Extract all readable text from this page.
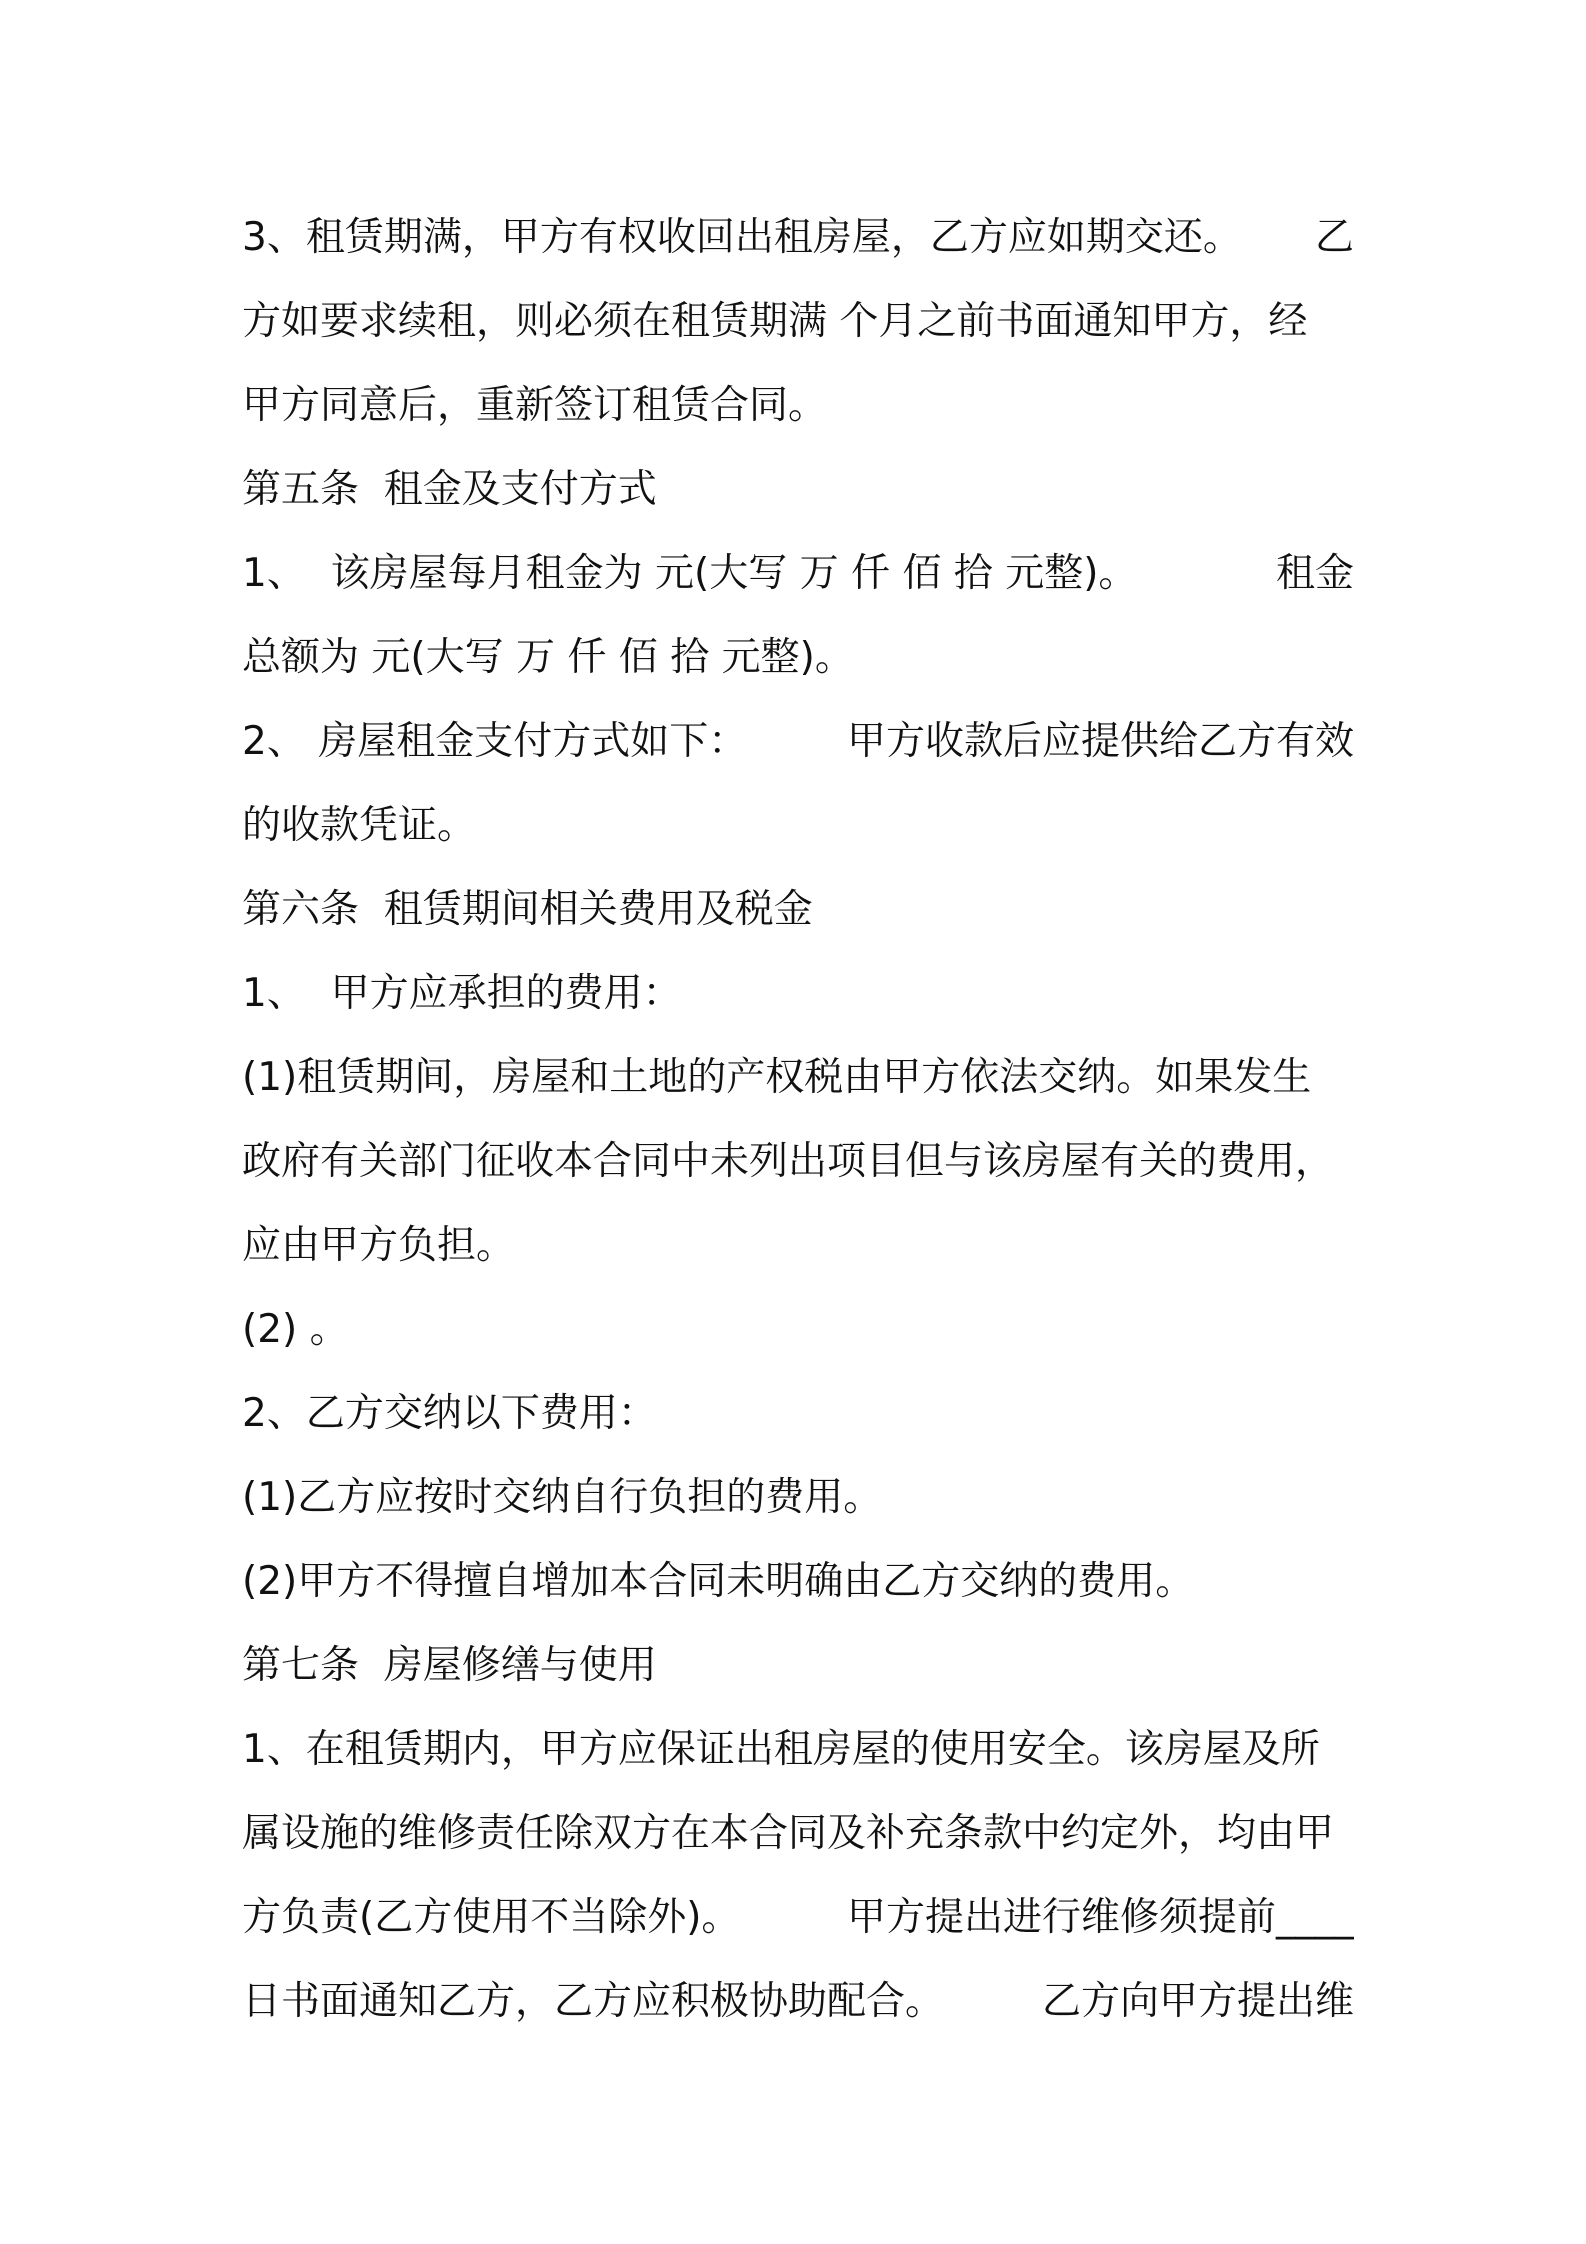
3、租赁期满，甲方有权收回出租房屋，乙方应如期交还。 乙
方如要求续租，则必须在租赁期满 个月之前书面通知甲方，经
甲方同意后，重新签订租赁合同。
第五条  租金及支付方式
1、  该房屋每月租金为 元(大写 万 仟 佰 拾 元整)。	租金
总额为 元(大写 万 仟 佰 拾 元整)。
2、 房屋租金支付方式如下：	甲方收款后应提供给乙方有效
的收款凭证。
第六条  租赁期间相关费用及税金
1、  甲方应承担的费用：
(1)租赁期间，房屋和土地的产权税由甲方依法交纳。如果发生
政府有关部门征收本合同中未列出项目但与该房屋有关的费用，
应由甲方负担。
(2) 。
2、乙方交纳以下费用：
(1)乙方应按时交纳自行负担的费用。
(2)甲方不得擅自增加本合同未明确由乙方交纳的费用。
第七条  房屋修缮与使用
1、在租赁期内，甲方应保证出租房屋的使用安全。该房屋及所
属设施的维修责任除双方在本合同及补充条款中约定外，均由甲
方负责(乙方使用不当除外)。	甲方提出进行维修须提前____
日书面通知乙方，乙方应积极协助配合。	乙方向甲方提出维
